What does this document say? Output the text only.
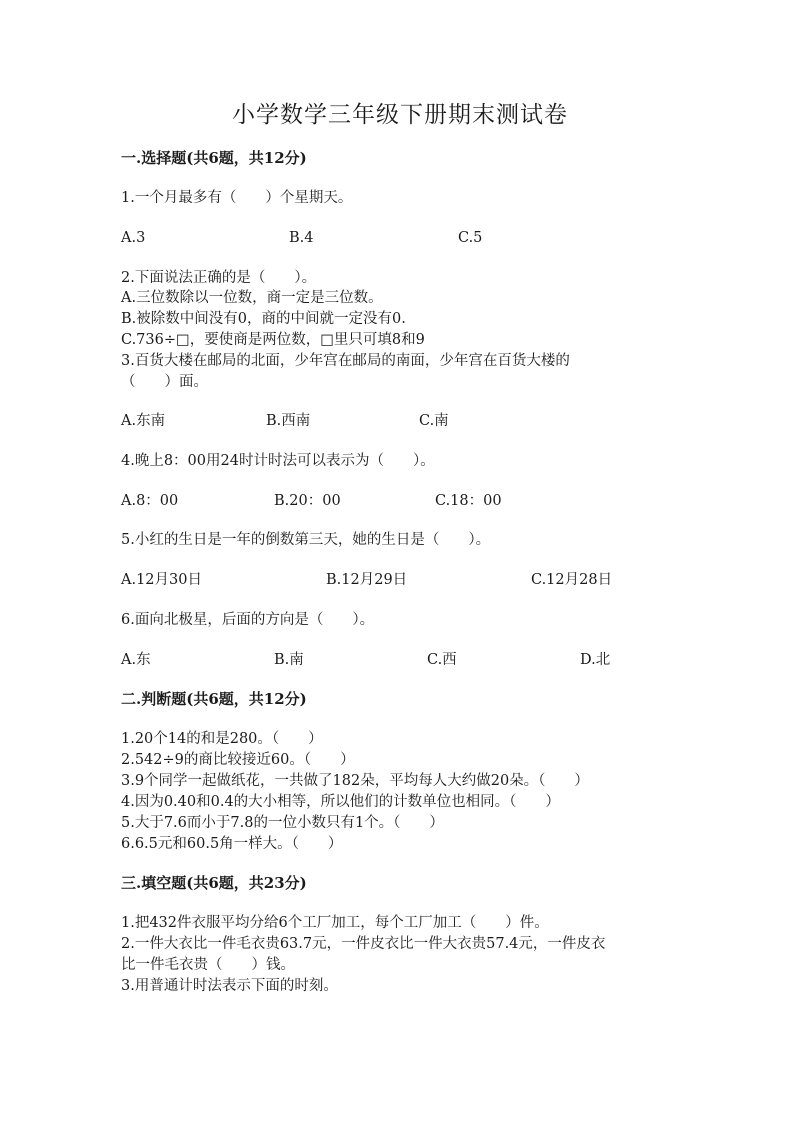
小学数学三年级下册期末测试卷
一.选择题(共6题，共12分)
1.一个月最多有（　　）个星期天。
A.3	B.4	C.5
2.下面说法正确的是（　　）。
A.三位数除以一位数，商一定是三位数。
B.被除数中间没有0，商的中间就一定没有0.
C.736÷□，要使商是两位数，□里只可填8和9
3.百货大楼在邮局的北面，少年宫在邮局的南面，少年宫在百货大楼的
（　　）面。
A.东南	B.西南	C.南
4.晚上8：00用24时计时法可以表示为（　　）。
A.8：00	B.20：00	C.18：00
5.小红的生日是一年的倒数第三天，她的生日是（　　）。
A.12月30日	B.12月29日	C.12月28日
6.面向北极星，后面的方向是（　　）。
A.东	B.南	C.西	D.北
二.判断题(共6题，共12分)
1.20个14的和是280。（　　）
2.542÷9的商比较接近60。（　　）
3.9个同学一起做纸花，一共做了182朵，平均每人大约做20朵。（　　）
4.因为0.40和0.4的大小相等，所以他们的计数单位也相同。（　　）
5.大于7.6而小于7.8的一位小数只有1个。（　　）
6.6.5元和60.5角一样大。（　　）
三.填空题(共6题，共23分)
1.把432件衣服平均分给6个工厂加工，每个工厂加工（　　）件。
2.一件大衣比一件毛衣贵63.7元，一件皮衣比一件大衣贵57.4元，一件皮衣
比一件毛衣贵（　　）钱。
3.用普通计时法表示下面的时刻。
